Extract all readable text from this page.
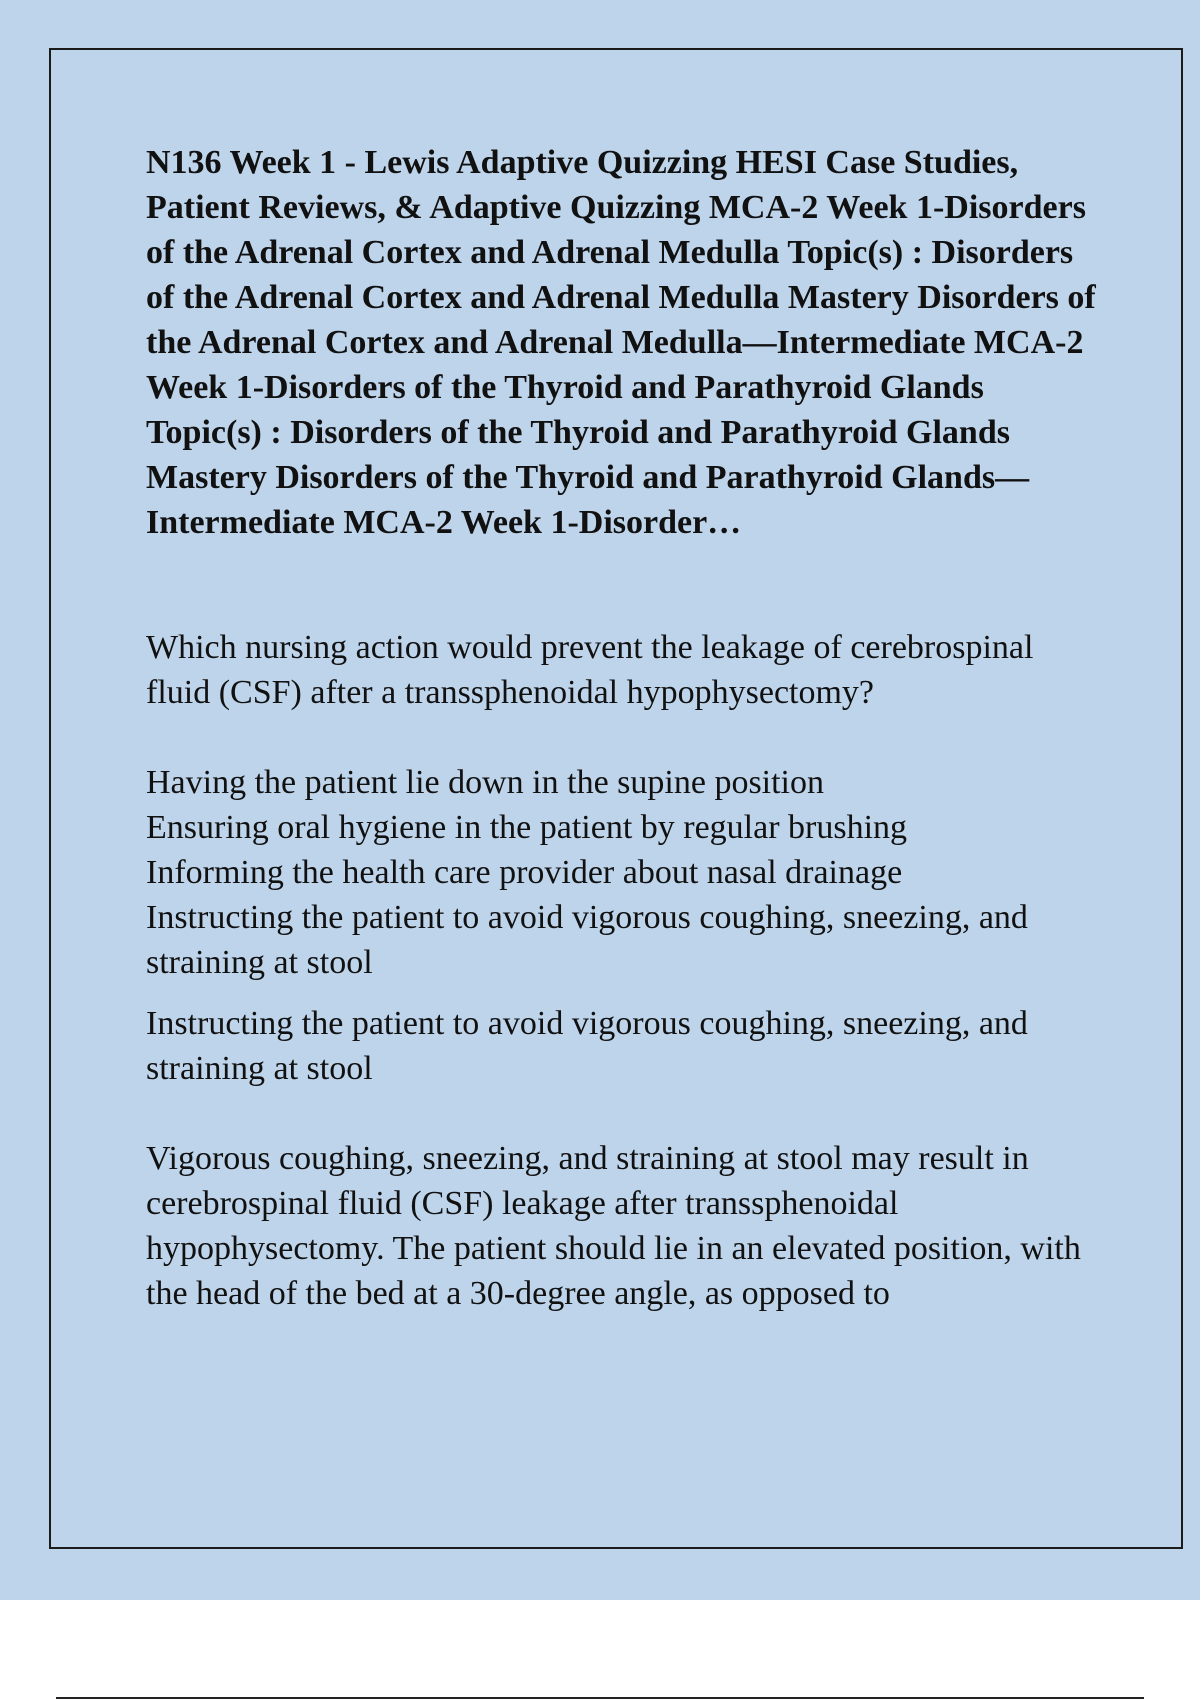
N136 Week 1 - Lewis Adaptive Quizzing HESI Case Studies, Patient Reviews, & Adaptive Quizzing MCA-2 Week 1-Disorders of the Adrenal Cortex and Adrenal Medulla Topic(s) : Disorders of the Adrenal Cortex and Adrenal Medulla Mastery Disorders of the Adrenal Cortex and Adrenal Medulla—Intermediate MCA-2 Week 1-Disorders of the Thyroid and Parathyroid Glands Topic(s) : Disorders of the Thyroid and Parathyroid Glands Mastery Disorders of the Thyroid and Parathyroid Glands—Intermediate MCA-2 Week 1-Disorder…

Which nursing action would prevent the leakage of cerebrospinal fluid (CSF) after a transsphenoidal hypophysectomy?

Having the patient lie down in the supine position
Ensuring oral hygiene in the patient by regular brushing
Informing the health care provider about nasal drainage
Instructing the patient to avoid vigorous coughing, sneezing, and straining at stool

Instructing the patient to avoid vigorous coughing, sneezing, and straining at stool

Vigorous coughing, sneezing, and straining at stool may result in cerebrospinal fluid (CSF) leakage after transsphenoidal hypophysectomy. The patient should lie in an elevated position, with the head of the bed at a 30-degree angle, as opposed to
